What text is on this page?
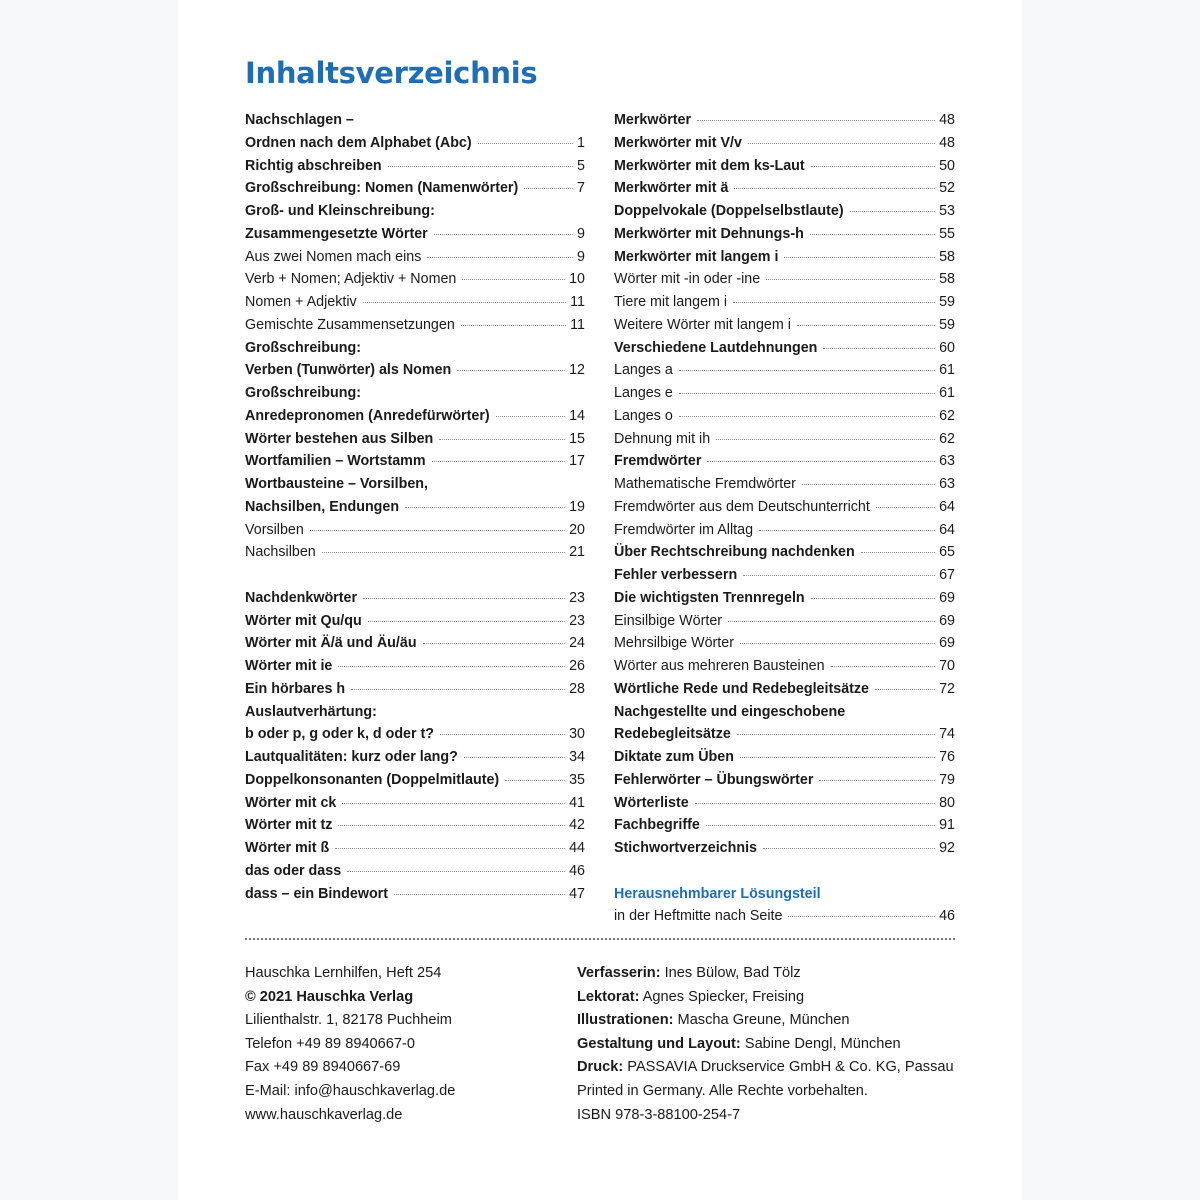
Inhaltsverzeichnis
Nachschlagen –
Ordnen nach dem Alphabet (Abc)	1
Richtig abschreiben	5
Großschreibung: Nomen (Namenwörter)	7
Groß- und Kleinschreibung:
Zusammengesetzte Wörter	9
Aus zwei Nomen mach eins	9
Verb + Nomen; Adjektiv + Nomen	10
Nomen + Adjektiv	11
Gemischte Zusammensetzungen	11
Großschreibung:
Verben (Tunwörter) als Nomen	12
Großschreibung:
Anredepronomen (Anredefürwörter)	14
Wörter bestehen aus Silben	15
Wortfamilien – Wortstamm	17
Wortbausteine – Vorsilben,
Nachsilben, Endungen	19
Vorsilben	20
Nachsilben	21
Nachdenkwörter	23
Wörter mit Qu/qu	23
Wörter mit Ä/ä und Äu/äu	24
Wörter mit ie	26
Ein hörbares h	28
Auslautverhärtung:
b oder p, g oder k, d oder t?	30
Lautqualitäten: kurz oder lang?	34
Doppelkonsonanten (Doppelmitlaute)	35
Wörter mit ck	41
Wörter mit tz	42
Wörter mit ß	44
das oder dass	46
dass – ein Bindewort	47
Merkwörter	48
Merkwörter mit V/v	48
Merkwörter mit dem ks-Laut	50
Merkwörter mit ä	52
Doppelvokale (Doppelselbstlaute)	53
Merkwörter mit Dehnungs-h	55
Merkwörter mit langem i	58
Wörter mit -in oder -ine	58
Tiere mit langem i	59
Weitere Wörter mit langem i	59
Verschiedene Lautdehnungen	60
Langes a	61
Langes e	61
Langes o	62
Dehnung mit ih	62
Fremdwörter	63
Mathematische Fremdwörter	63
Fremdwörter aus dem Deutschunterricht	64
Fremdwörter im Alltag	64
Über Rechtschreibung nachdenken	65
Fehler verbessern	67
Die wichtigsten Trennregeln	69
Einsilbige Wörter	69
Mehrsilbige Wörter	69
Wörter aus mehreren Bausteinen	70
Wörtliche Rede und Redebegleitsätze	72
Nachgestellte und eingeschobene
Redebegleitsätze	74
Diktate zum Üben	76
Fehlerwörter – Übungswörter	79
Wörterliste	80
Fachbegriffe	91
Stichwortverzeichnis	92
Herausnehmbarer Lösungsteil
in der Heftmitte nach Seite	46
Hauschka Lernhilfen, Heft 254
© 2021 Hauschka Verlag
Lilienthalstr. 1, 82178 Puchheim
Telefon +49 89 8940667-0
Fax +49 89 8940667-69
E-Mail: info@hauschkaverlag.de
www.hauschkaverlag.de
Verfasserin: Ines Bülow, Bad Tölz
Lektorat: Agnes Spiecker, Freising
Illustrationen: Mascha Greune, München
Gestaltung und Layout: Sabine Dengl, München
Druck: PASSAVIA Druckservice GmbH & Co. KG, Passau
Printed in Germany. Alle Rechte vorbehalten.
ISBN 978-3-88100-254-7
